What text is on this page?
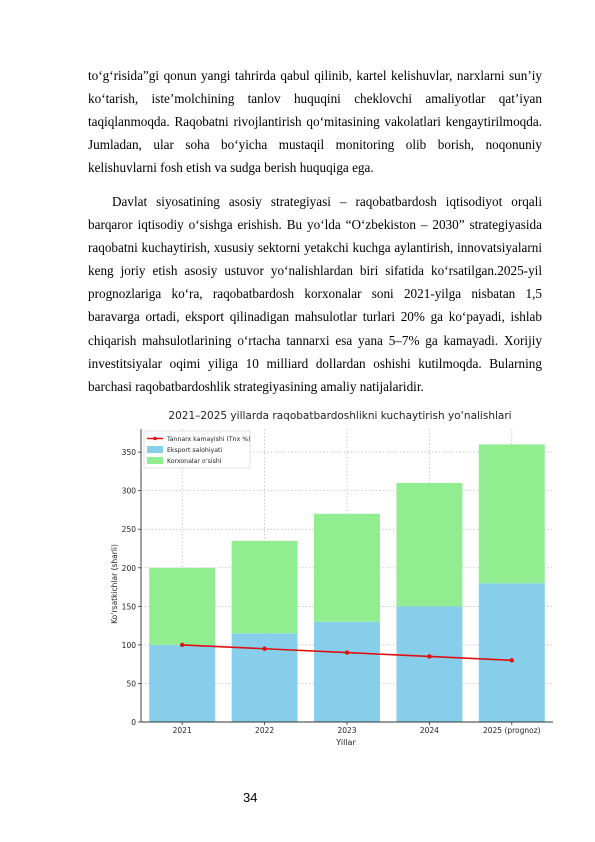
to‘g‘risida”gi qonun yangi tahrirda qabul qilinib, kartel kelishuvlar, narxlarni sun’iy ko‘tarish, iste’molchining tanlov huquqini cheklovchi amaliyotlar qat’iyan taqiqlanmoqda. Raqobatni rivojlantirish qo‘mitasining vakolatlari kengaytirilmoqda. Jumladan, ular soha bo‘yicha mustaqil monitoring olib borish, noqonuniy kelishuvlarni fosh etish va sudga berish huquqiga ega.

Davlat siyosatining asosiy strategiyasi – raqobatbardosh iqtisodiyot orqali barqaror iqtisodiy o‘sishga erishish. Bu yo‘lda “O‘zbekiston – 2030” strategiyasida raqobatni kuchaytirish, xususiy sektorni yetakchi kuchga aylantirish, innovatsiyalarni keng joriy etish asosiy ustuvor yo‘nalishlardan biri sifatida ko‘rsatilgan.2025-yil prognozlariga ko‘ra, raqobatbardosh korxonalar soni 2021-yilga nisbatan 1,5 baravarga ortadi, eksport qilinadigan mahsulotlar turlari 20% ga ko‘payadi, ishlab chiqarish mahsulotlarining o‘rtacha tannarxi esa yana 5–7% ga kamayadi. Xorijiy investitsiyalar oqimi yiliga 10 milliard dollardan oshishi kutilmoqda. Bularning barchasi raqobatbardoshlik strategiyasining amaliy natijalaridir.

2021–2025 yillarda raqobatbardoshlikni kuchaytirish yo‘nalishlari
0
50
100
150
200
250
300
350
2021	2022	2023	2024	2025 (prognoz)
Yillar
Ko‘rsatkichlar (sharli)
Tannarx kamayishi (Tnx %)
Eksport salohiyati
Korxonalar o‘sishi
34
